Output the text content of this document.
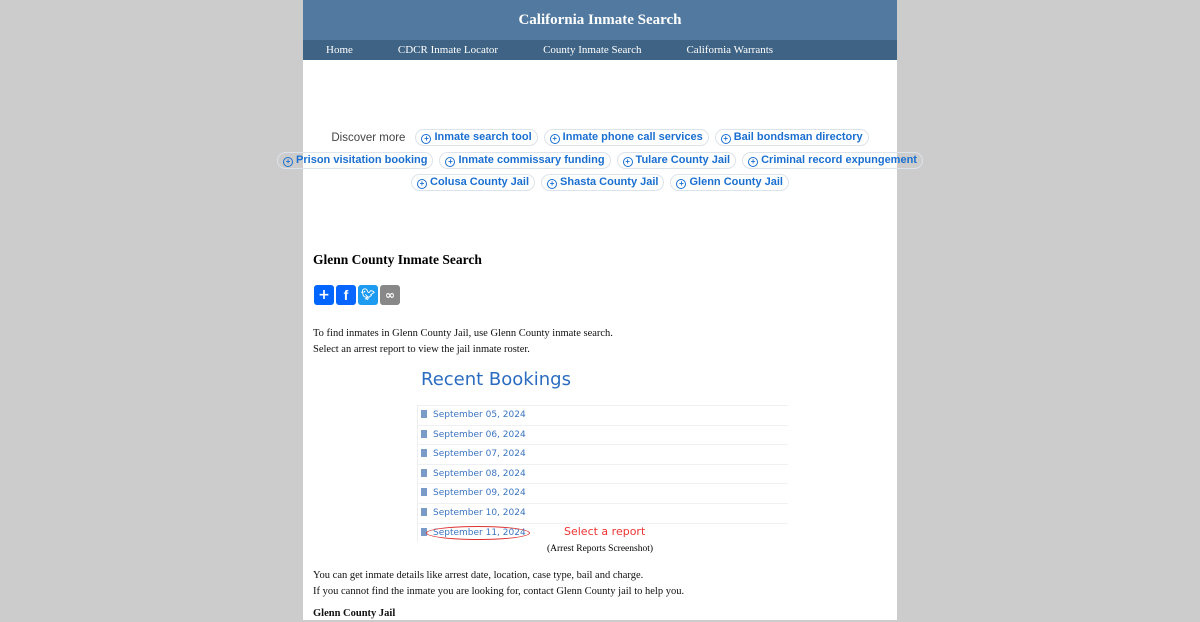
California Inmate Search
Home	CDCR Inmate Locator	County Inmate Search	California Warrants
Discover more	+ Inmate search tool	+ Inmate phone call services	+ Bail bondsman directory
+ Prison visitation booking	+ Inmate commissary funding	+ Tulare County Jail	+ Criminal record expungement
+ Colusa County Jail	+ Shasta County Jail	+ Glenn County Jail
Glenn County Inmate Search
+ f	🐦︎ ∞
To find inmates in Glenn County Jail, use Glenn County inmate search.
Select an arrest report to view the jail inmate roster.
Recent Bookings
September 05, 2024
September 06, 2024
September 07, 2024
September 08, 2024
September 09, 2024
September 10, 2024
September 11, 2024	Select a report
(Arrest Reports Screenshot)
You can get inmate details like arrest date, location, case type, bail and charge.
If you cannot find the inmate you are looking for, contact Glenn County jail to help you.
Glenn County Jail
